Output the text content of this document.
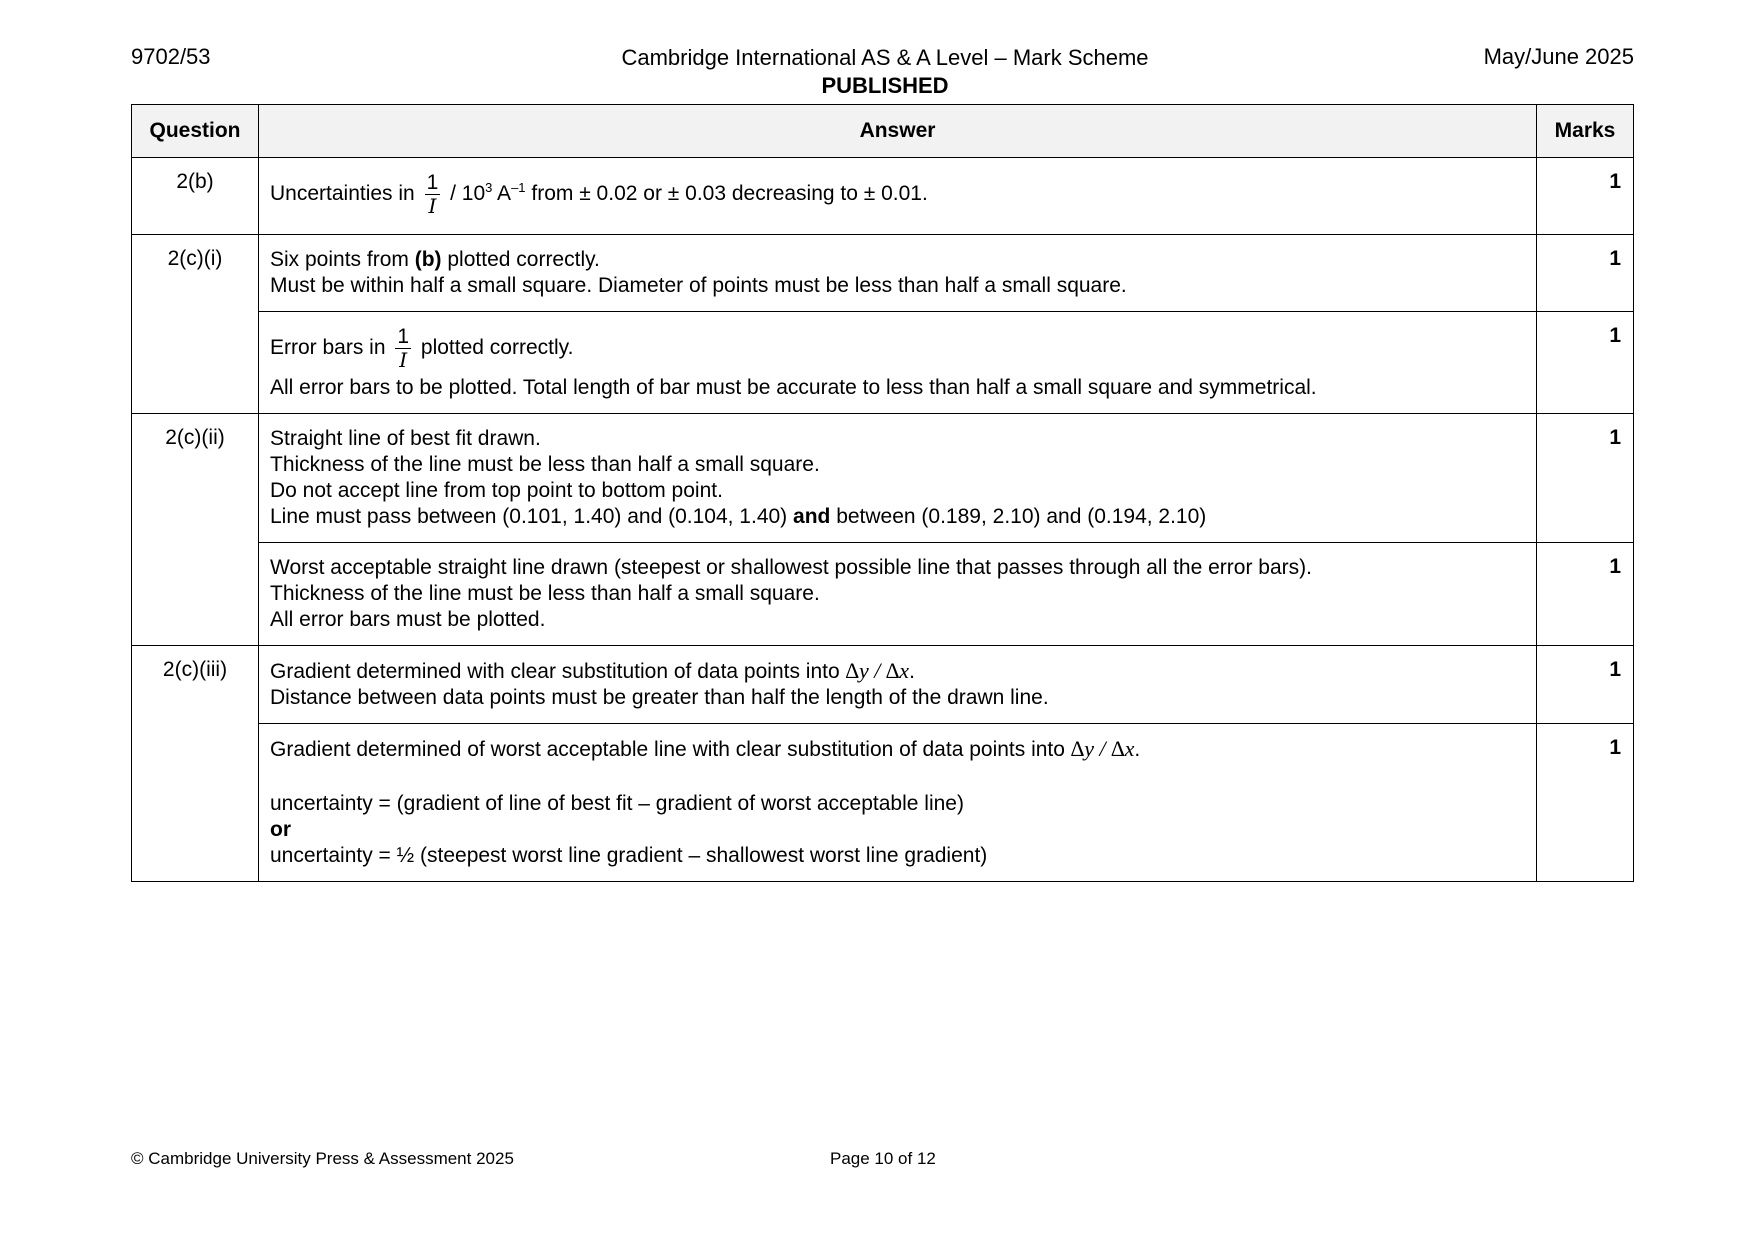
9702/53	Cambridge International AS & A Level – Mark Scheme
PUBLISHED
May/June 2025
Question	Answer	Marks
2(b)	Uncertainties in $\frac{1}{I} / 10^3$ $A^{-1}$ from ± 0.02 or ± 0.03 decreasing to ± 0.01.	1
2(c)(i)	Six points from (b) plotted correctly.
Must be within half a small square. Diameter of points must be less than half a small square.	1

	Error bars in $\frac{1}{I}$ plotted correctly.
All error bars to be plotted. Total length of bar must be accurate to less than half a small square and symmetrical.	1
2(c)(ii)	Straight line of best fit drawn.
Thickness of the line must be less than half a small square.
Do not accept line from top point to bottom point.
Line must pass between (0.101, 1.40) and (0.104, 1.40) and between (0.189, 2.10) and (0.194, 2.10)	1

	Worst acceptable straight line drawn (steepest or shallowest possible line that passes through all the error bars).
Thickness of the line must be less than half a small square.
All error bars must be plotted.	1
2(c)(iii)	Gradient determined with clear substitution of data points into ∆y / ∆x.
Distance between data points must be greater than half the length of the drawn line.	1

	Gradient determined of worst acceptable line with clear substitution of data points into ∆y / ∆x.
uncertainty = (gradient of line of best fit – gradient of worst acceptable line)
or
uncertainty = ½ (steepest worst line gradient – shallowest worst line gradient)	1
© Cambridge University Press & Assessment 2025	Page 10 of 12
